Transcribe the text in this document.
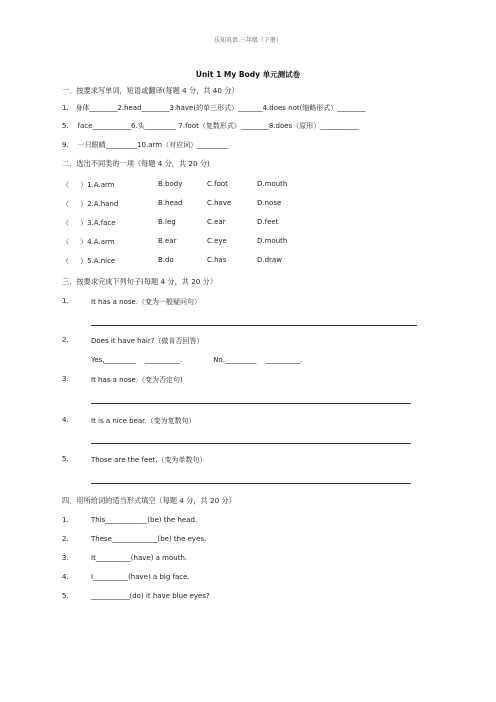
乐知英语.三年级（下册）
Unit 1 My Body 单元测试卷
一．按要求写单词，短语或翻译(每题 4 分，共 40 分）
1.   身体________2.head________3.have(的单三形式）_______4.does not(缩略形式）________
5.    face___________6.头_________ 7.foot（复数形式）________8.does（原形）___________
9.    一只眼睛_________10.arm（对应词）_________
二．选出不同类的一项（每题 4 分，共 20 分)

（     ）1.A.arm

	B.body

	C.foot

	D.mouth

（     ）2.A.hand

	B.head

	C.have

	D.nose

（     ）3.A.face

	B.leg

	C.ear

	D.feet

（     ）4.A.arm

	B.ear

	C.eye

	D.mouth

（     ）5.A.nice

	B.do

	C.has

	D.draw

三．按要求完成下列句子(每题 4 分，共 20 分）
1.	It has a nose.（变为一般疑问句）
2.	Does it have hair?（做肯否回答）
Yes,_________    __________.              No,_________    __________.
3.	It has a nose.（变为否定句)
4.	It is a nice bear.（变为复数句）
5.	Those are the feet.（变为单数句）
四．用所给词的适当形式填空（每题 4 分，共 20 分）
1.	This____________(be) the head.
2.	These_____________(be) the eyes.
3.	It__________(have) a mouth.
4.	I__________(have) a big face.
5.	___________(do) it have blue eyes?
